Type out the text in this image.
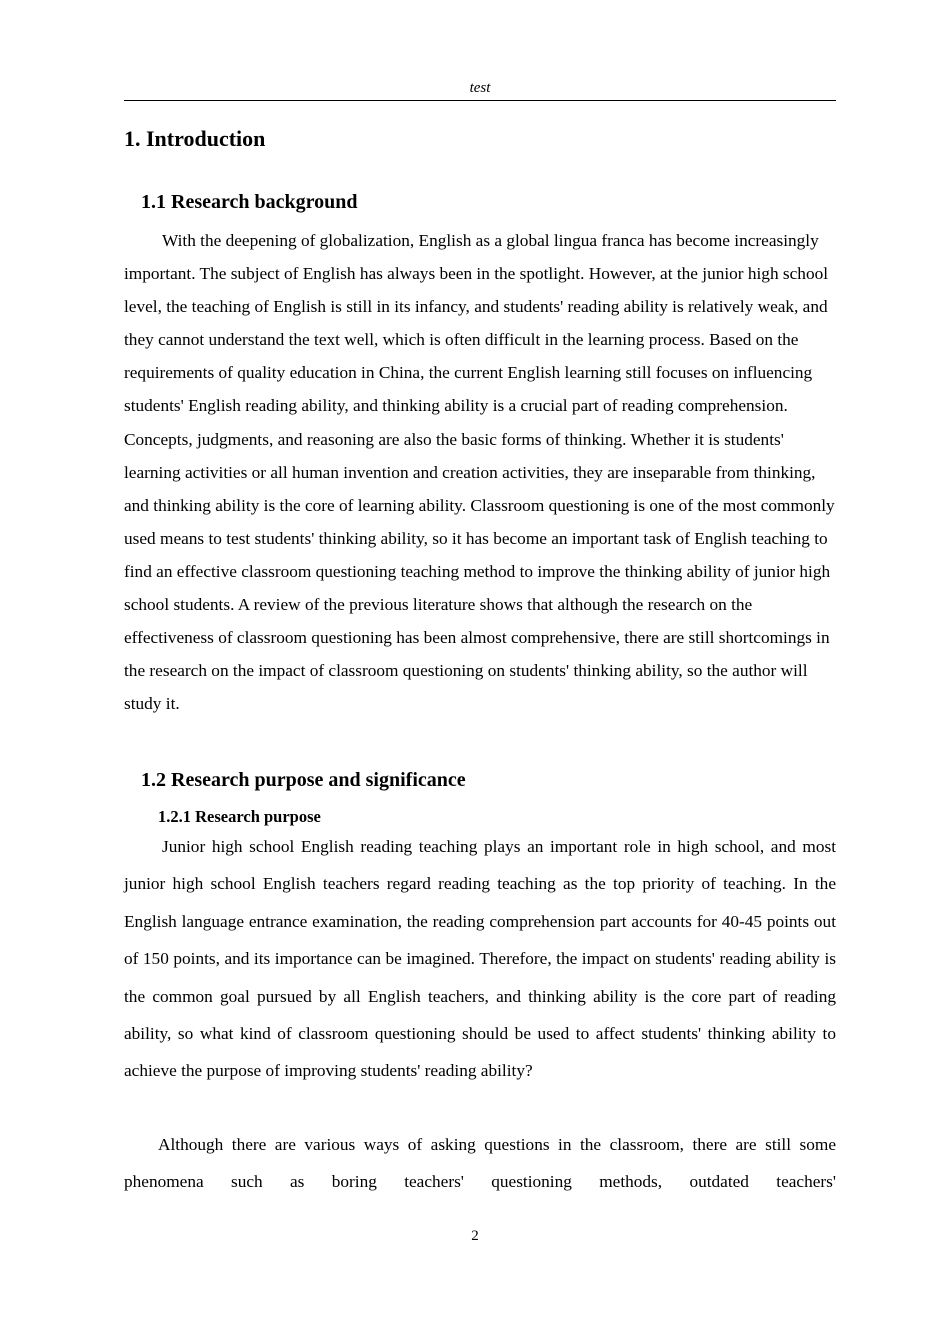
test
1. Introduction
1.1 Research background

With the deepening of globalization, English as a global lingua franca has become increasingly important. The subject of English has always been in the spotlight. However, at the junior high school level, the teaching of English is still in its infancy, and students' reading ability is relatively weak, and they cannot understand the text well, which is often difficult in the learning process. Based on the requirements of quality education in China, the current English learning still focuses on influencing students' English reading ability, and thinking ability is a crucial part of reading comprehension. Concepts, judgments, and reasoning are also the basic forms of thinking. Whether it is students' learning activities or all human invention and creation activities, they are inseparable from thinking, and thinking ability is the core of learning ability. Classroom questioning is one of the most commonly used means to test students' thinking ability, so it has become an important task of English teaching to find an effective classroom questioning teaching method to improve the thinking ability of junior high school students. A review of the previous literature shows that although the research on the effectiveness of classroom questioning has been almost comprehensive, there are still shortcomings in the research on the impact of classroom questioning on students' thinking ability, so the author will study it.

1.2 Research purpose and significance
1.2.1 Research purpose

Junior high school English reading teaching plays an important role in high school, and most junior high school English teachers regard reading teaching as the top priority of teaching. In the English language entrance examination, the reading comprehension part accounts for 40-45 points out of 150 points, and its importance can be imagined. Therefore, the impact on students' reading ability is the common goal pursued by all English teachers, and thinking ability is the core part of reading ability, so what kind of classroom questioning should be used to affect students' thinking ability to achieve the purpose of improving students' reading ability?

Although there are various ways of asking questions in the classroom, there are still some phenomena such as boring teachers' questioning methods, outdated teachers'

2
